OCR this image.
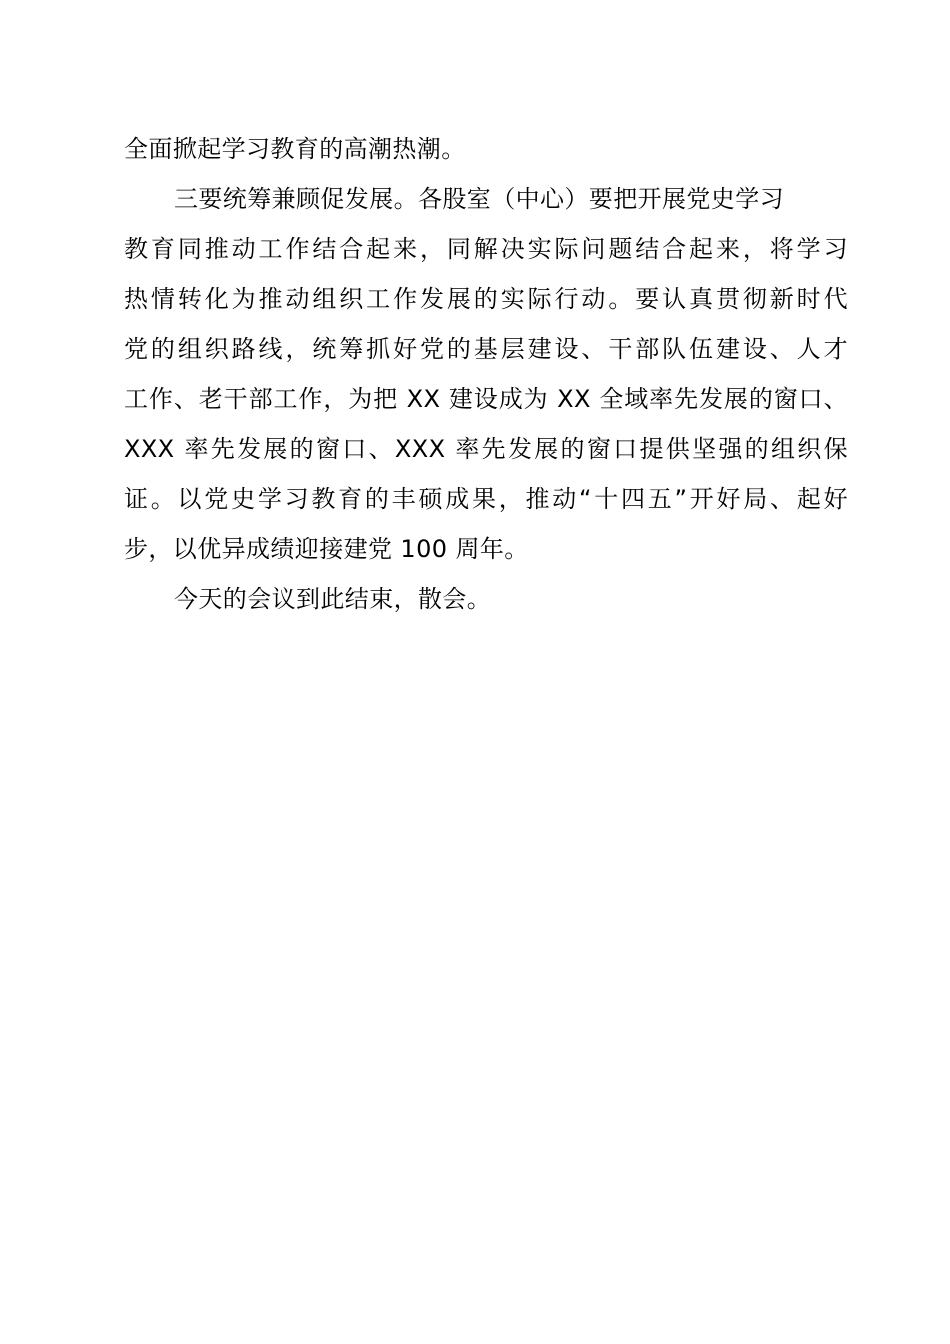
全面掀起学习教育的高潮热潮。
三要统筹兼顾促发展。各股室（中心）要把开展党史学习
教育同推动工作结合起来，同解决实际问题结合起来，将学习
热情转化为推动组织工作发展的实际行动。要认真贯彻新时代
党的组织路线，统筹抓好党的基层建设、干部队伍建设、人才
工作、老干部工作，为把 XX 建设成为 XX 全域率先发展的窗口、
XXX 率先发展的窗口、XXX 率先发展的窗口提供坚强的组织保
证。以党史学习教育的丰硕成果，推动“十四五”开好局、起好
步，以优异成绩迎接建党 100 周年。
今天的会议到此结束，散会。
